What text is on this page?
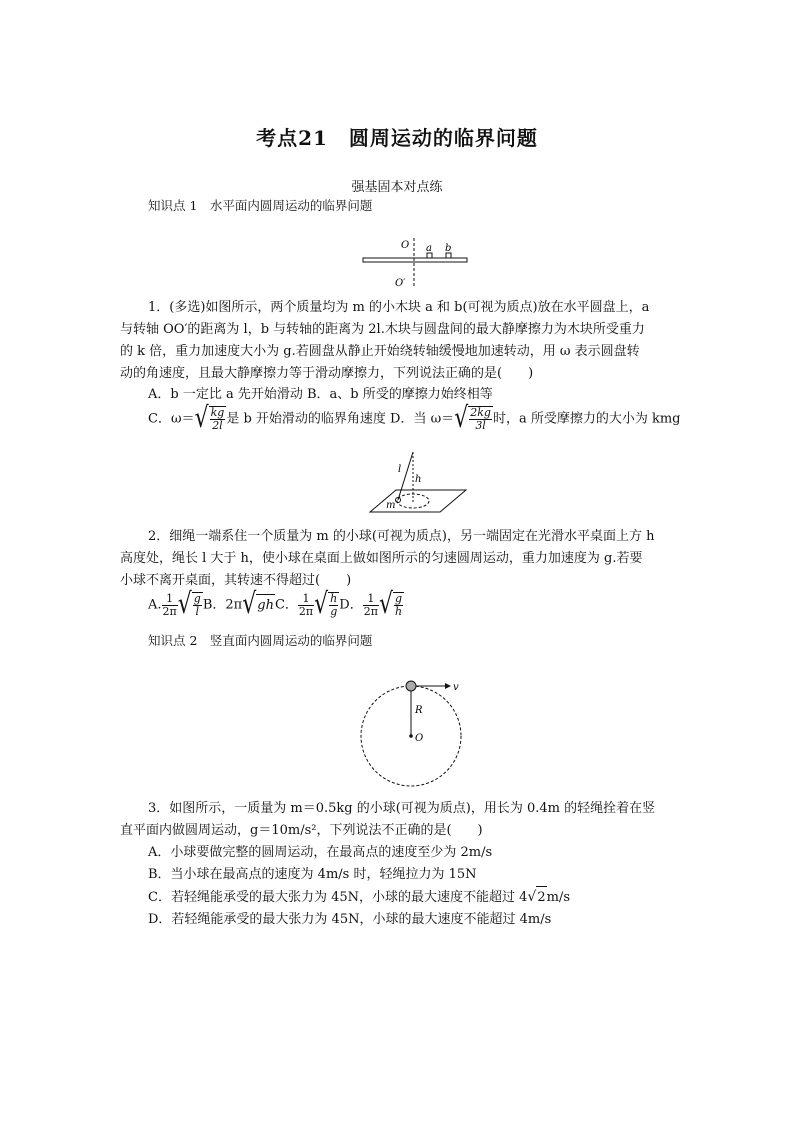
考点21　圆周运动的临界问题
强基固本对点练
知识点 1　水平面内圆周运动的临界问题
O a b
O′
1．(多选)如图所示，两个质量均为 m 的小木块 a 和 b(可视为质点)放在水平圆盘上，a
与转轴 OO′的距离为 l，b 与转轴的距离为 2l.木块与圆盘间的最大静摩擦力为木块所受重力
的 k 倍，重力加速度大小为 g.若圆盘从静止开始绕转轴缓慢地加速转动，用 ω 表示圆盘转
动的角速度，且最大静摩擦力等于滑动摩擦力，下列说法正确的是(　　)
A．b 一定比 a 先开始滑动 B．a、b 所受的摩擦力始终相等
C．$\omega=√ \frac{kg}{2l}$ 是 b 开始滑动的临界角速度 D．当 $\omega=√ \frac{2kg}{3l}$ 时，a 所受摩擦力的大小为 kmg
l
h
m
2．细绳一端系住一个质量为 m 的小球(可视为质点)，另一端固定在光滑水平桌面上方 h
高度处，绳长 l 大于 h，使小球在桌面上做如图所示的匀速圆周运动，重力加速度为 g.若要
小球不离开桌面，其转速不得超过(　　)
A. $\frac{1}{2\pi}$ √ $\frac{g}{l}$ B．2π√ghC． $\frac{1}{2\pi}$ √ $\frac{h}{g}$ D． $\frac{1}{2\pi}$ √ $\frac{g}{h}$
知识点 2　竖直面内圆周运动的临界问题
v
R
O
3．如图所示，一质量为 m＝0.5kg 的小球(可视为质点)，用长为 0.4m 的轻绳拴着在竖
直平面内做圆周运动，g＝10m/s²，下列说法不正确的是(　　)
A．小球要做完整的圆周运动，在最高点的速度至少为 2m/s
B．当小球在最高点的速度为 4m/s 时，轻绳拉力为 15N
C．若轻绳能承受的最大张力为 45N，小球的最大速度不能超过 4√2m/s
D．若轻绳能承受的最大张力为 45N，小球的最大速度不能超过 4m/s
